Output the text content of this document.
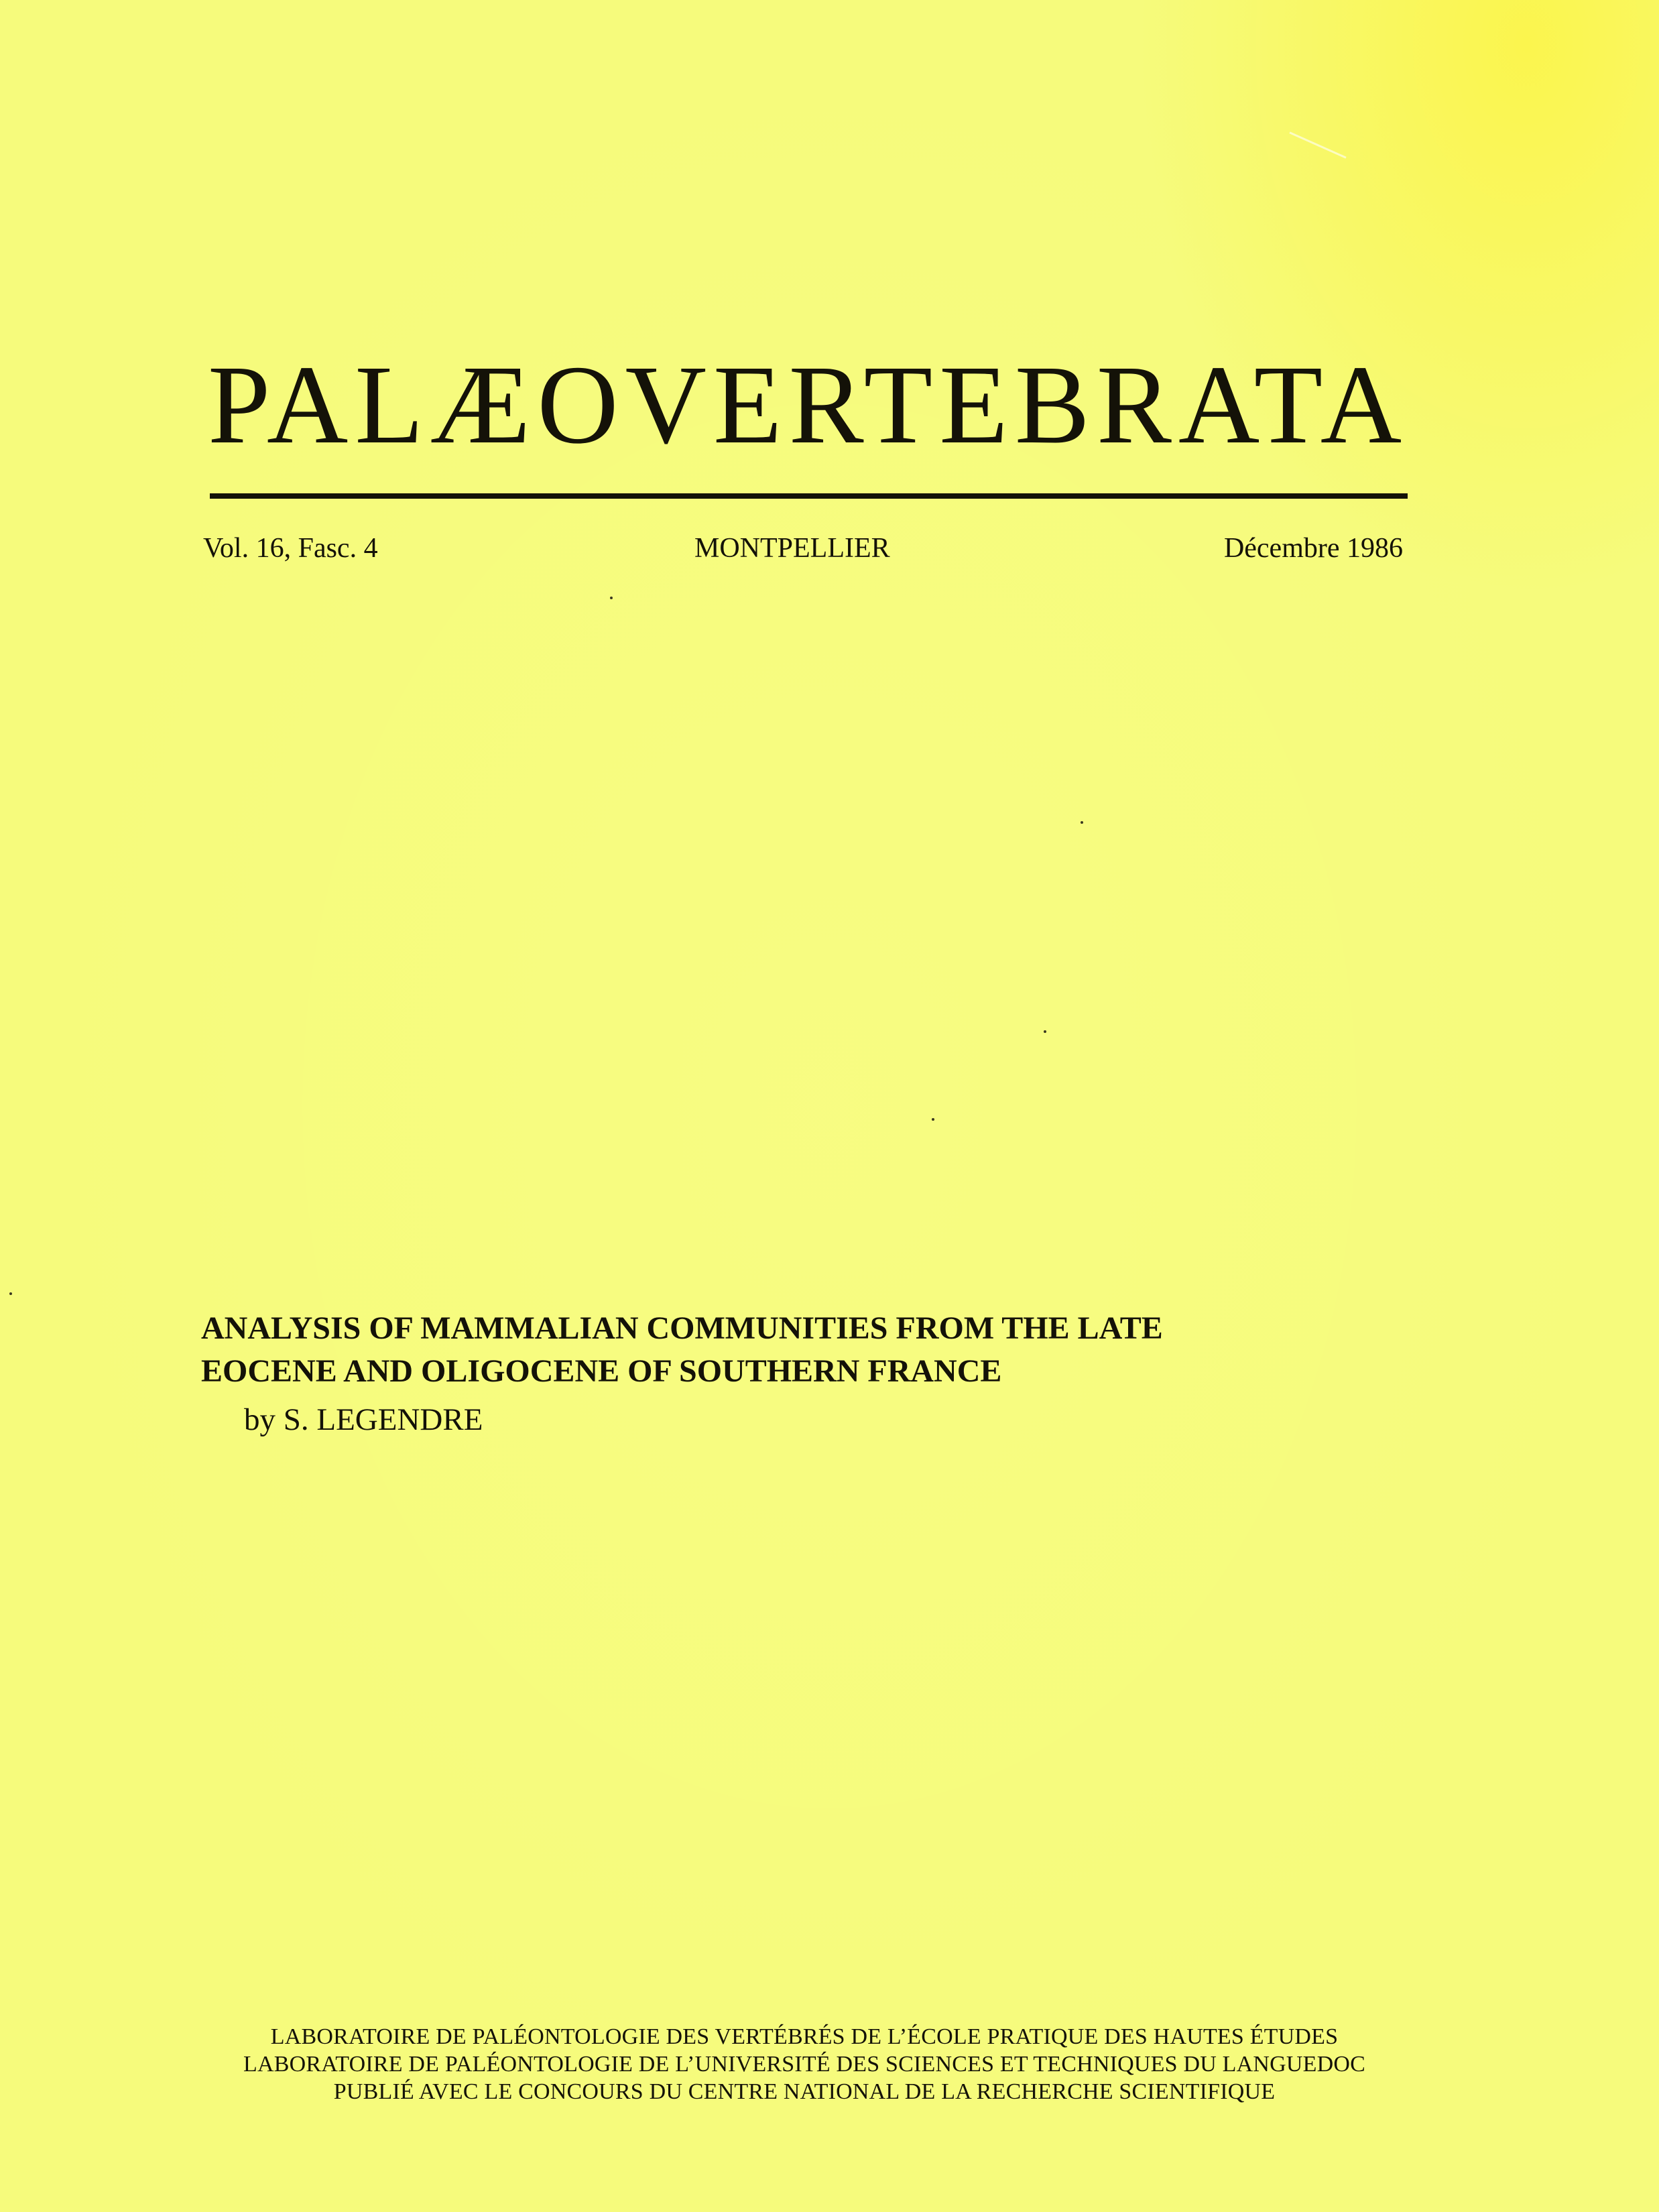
PALÆOVERTEBRATA
Vol. 16, Fasc. 4	MONTPELLIER	Décembre 1986
ANALYSIS OF MAMMALIAN COMMUNITIES FROM THE LATE
EOCENE AND OLIGOCENE OF SOUTHERN FRANCE
by S. LEGENDRE
LABORATOIRE DE PALÉONTOLOGIE DES VERTÉBRÉS DE L’ÉCOLE PRATIQUE DES HAUTES ÉTUDES
LABORATOIRE DE PALÉONTOLOGIE DE L’UNIVERSITÉ DES SCIENCES ET TECHNIQUES DU LANGUEDOC
PUBLIÉ AVEC LE CONCOURS DU CENTRE NATIONAL DE LA RECHERCHE SCIENTIFIQUE
